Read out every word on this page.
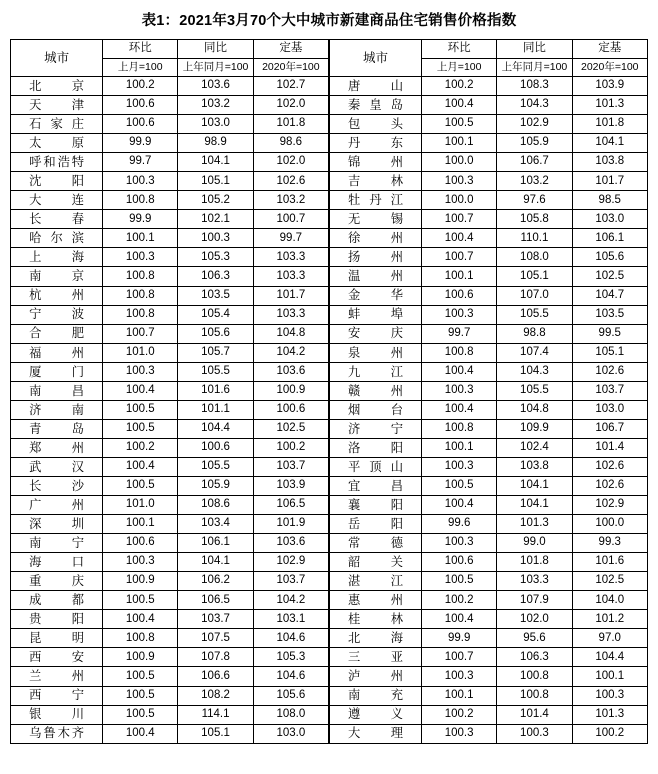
表1：2021年3月70个大中城市新建商品住宅销售价格指数
城市	环比	同比	定基
	上月=100	上年同月=100	2020年=100
北京	100.2	103.6	102.7
天津	100.6	103.2	102.0
石家庄	100.6	103.0	101.8
太原	99.9	98.9	98.6
呼和浩特	99.7	104.1	102.0
沈阳	100.3	105.1	102.6
大连	100.8	105.2	103.2
长春	99.9	102.1	100.7
哈尔滨	100.1	100.3	99.7
上海	100.3	105.3	103.3
南京	100.8	106.3	103.3
杭州	100.8	103.5	101.7
宁波	100.8	105.4	103.3
合肥	100.7	105.6	104.8
福州	101.0	105.7	104.2
厦门	100.3	105.5	103.6
南昌	100.4	101.6	100.9
济南	100.5	101.1	100.6
青岛	100.5	104.4	102.5
郑州	100.2	100.6	100.2
武汉	100.4	105.5	103.7
长沙	100.5	105.9	103.9
广州	101.0	108.6	106.5
深圳	100.1	103.4	101.9
南宁	100.6	106.1	103.6
海口	100.3	104.1	102.9
重庆	100.9	106.2	103.7
成都	100.5	106.5	104.2
贵阳	100.4	103.7	103.1
昆明	100.8	107.5	104.6
西安	100.9	107.8	105.3
兰州	100.5	106.6	104.6
西宁	100.5	108.2	105.6
银川	100.5	114.1	108.0
乌鲁木齐	100.4	105.1	103.0
城市	环比	同比	定基
	上月=100	上年同月=100	2020年=100
唐山	100.2	108.3	103.9
秦皇岛	100.4	104.3	101.3
包头	100.5	102.9	101.8
丹东	100.1	105.9	104.1
锦州	100.0	106.7	103.8
吉林	100.3	103.2	101.7
牡丹江	100.0	97.6	98.5
无锡	100.7	105.8	103.0
徐州	100.4	110.1	106.1
扬州	100.7	108.0	105.6
温州	100.1	105.1	102.5
金华	100.6	107.0	104.7
蚌埠	100.3	105.5	103.5
安庆	99.7	98.8	99.5
泉州	100.8	107.4	105.1
九江	100.4	104.3	102.6
赣州	100.3	105.5	103.7
烟台	100.4	104.8	103.0
济宁	100.8	109.9	106.7
洛阳	100.1	102.4	101.4
平顶山	100.3	103.8	102.6
宜昌	100.5	104.1	102.6
襄阳	100.4	104.1	102.9
岳阳	99.6	101.3	100.0
常德	100.3	99.0	99.3
韶关	100.6	101.8	101.6
湛江	100.5	103.3	102.5
惠州	100.2	107.9	104.0
桂林	100.4	102.0	101.2
北海	99.9	95.6	97.0
三亚	100.7	106.3	104.4
泸州	100.3	100.8	100.1
南充	100.1	100.8	100.3
遵义	100.2	101.4	101.3
大理	100.3	100.3	100.2
